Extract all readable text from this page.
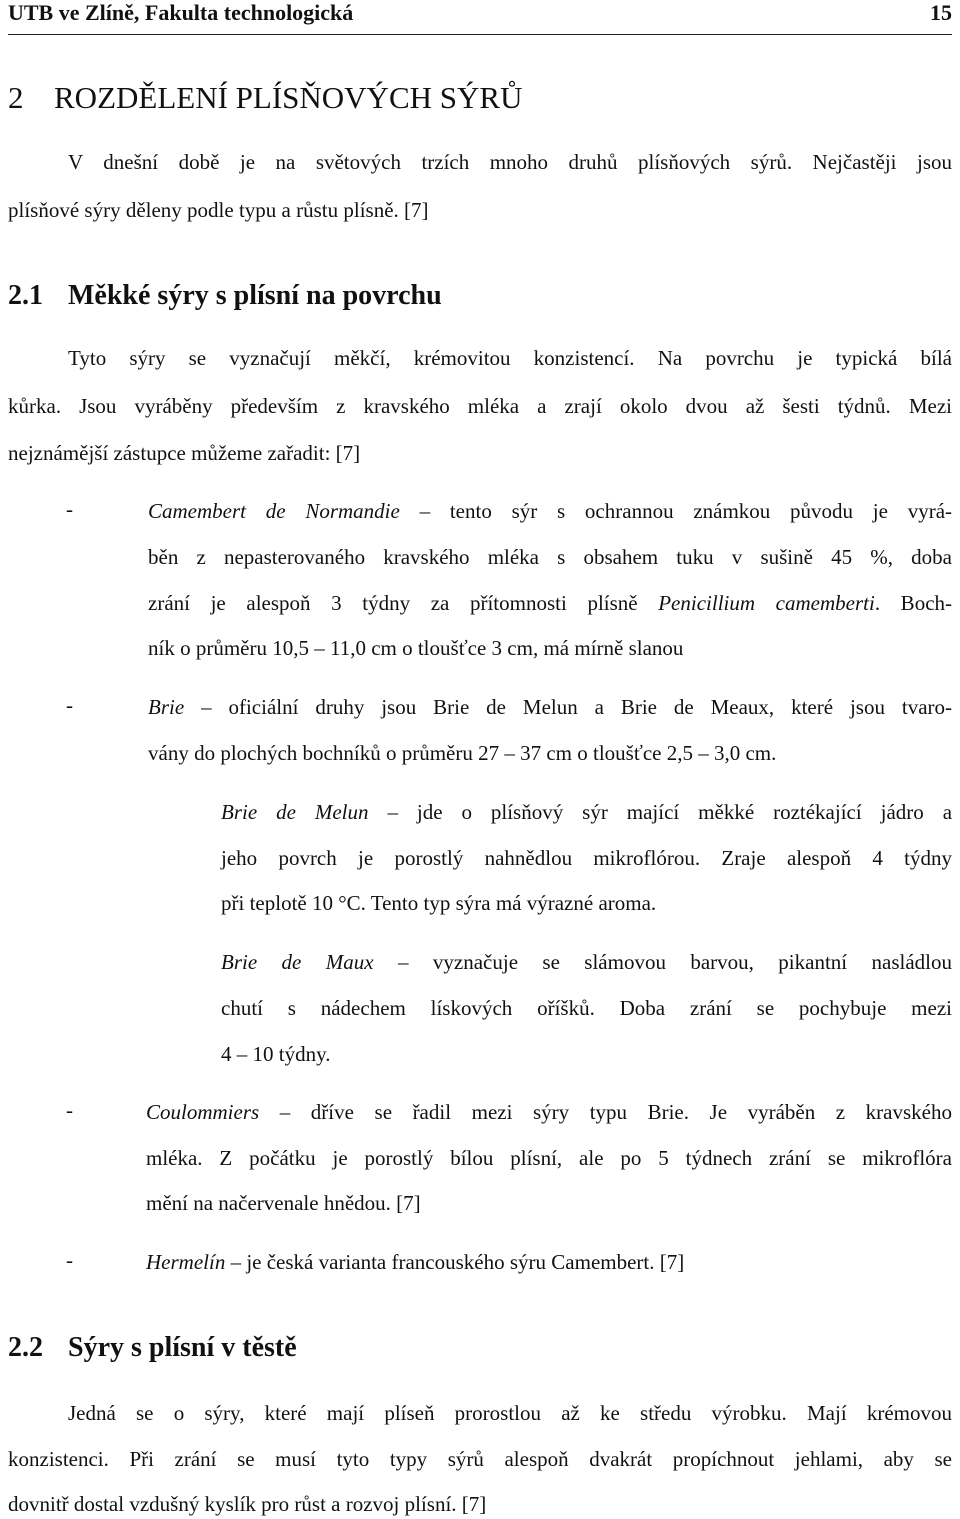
UTB ve Zlíně, Fakulta technologická	15
2 ROZDĚLENÍ PLÍSŇOVÝCH SÝRŮ
V dnešní době je na světových trzích mnoho druhů plísňových sýrů. Nejčastěji jsou
plísňové sýry děleny podle typu a růstu plísně. [7]
2.1 Měkké sýry s plísní na povrchu
Tyto sýry se vyznačují měkčí, krémovitou konzistencí. Na povrchu je typická bílá
kůrka. Jsou vyráběny především z kravského mléka a zrají okolo dvou až šesti týdnů. Mezi
nejznámější zástupce můžeme zařadit: [7]
-	Camembert de Normandie – tento sýr s ochrannou známkou původu je vyrá-
běn z nepasterovaného kravského mléka s obsahem tuku v sušině 45 %, doba
zrání je alespoň 3 týdny za přítomnosti plísně Penicillium camemberti. Boch-
ník o průměru 10,5 – 11,0 cm o tloušťce 3 cm, má mírně slanou
-	Brie – oficiální druhy jsou Brie de Melun a Brie de Meaux, které jsou tvaro-
vány do plochých bochníků o průměru 27 – 37 cm o tloušťce 2,5 – 3,0 cm.
Brie de Melun – jde o plísňový sýr mající měkké roztékající jádro a
jeho povrch je porostlý nahnědlou mikroflórou. Zraje alespoň 4 týdny
při teplotě 10 °C. Tento typ sýra má výrazné aroma.
Brie de Maux – vyznačuje se slámovou barvou, pikantní nasládlou
chutí s nádechem lískových oříšků. Doba zrání se pochybuje mezi
4 – 10 týdny.
-	Coulommiers – dříve se řadil mezi sýry typu Brie. Je vyráběn z kravského
mléka. Z počátku je porostlý bílou plísní, ale po 5 týdnech zrání se mikroflóra
mění na načervenale hnědou. [7]
-	Hermelín – je česká varianta francouského sýru Camembert. [7]
2.2 Sýry s plísní v těstě
Jedná se o sýry, které mají plíseň prorostlou až ke středu výrobku. Mají krémovou
konzistenci. Při zrání se musí tyto typy sýrů alespoň dvakrát propíchnout jehlami, aby se
dovnitř dostal vzdušný kyslík pro růst a rozvoj plísní. [7]
